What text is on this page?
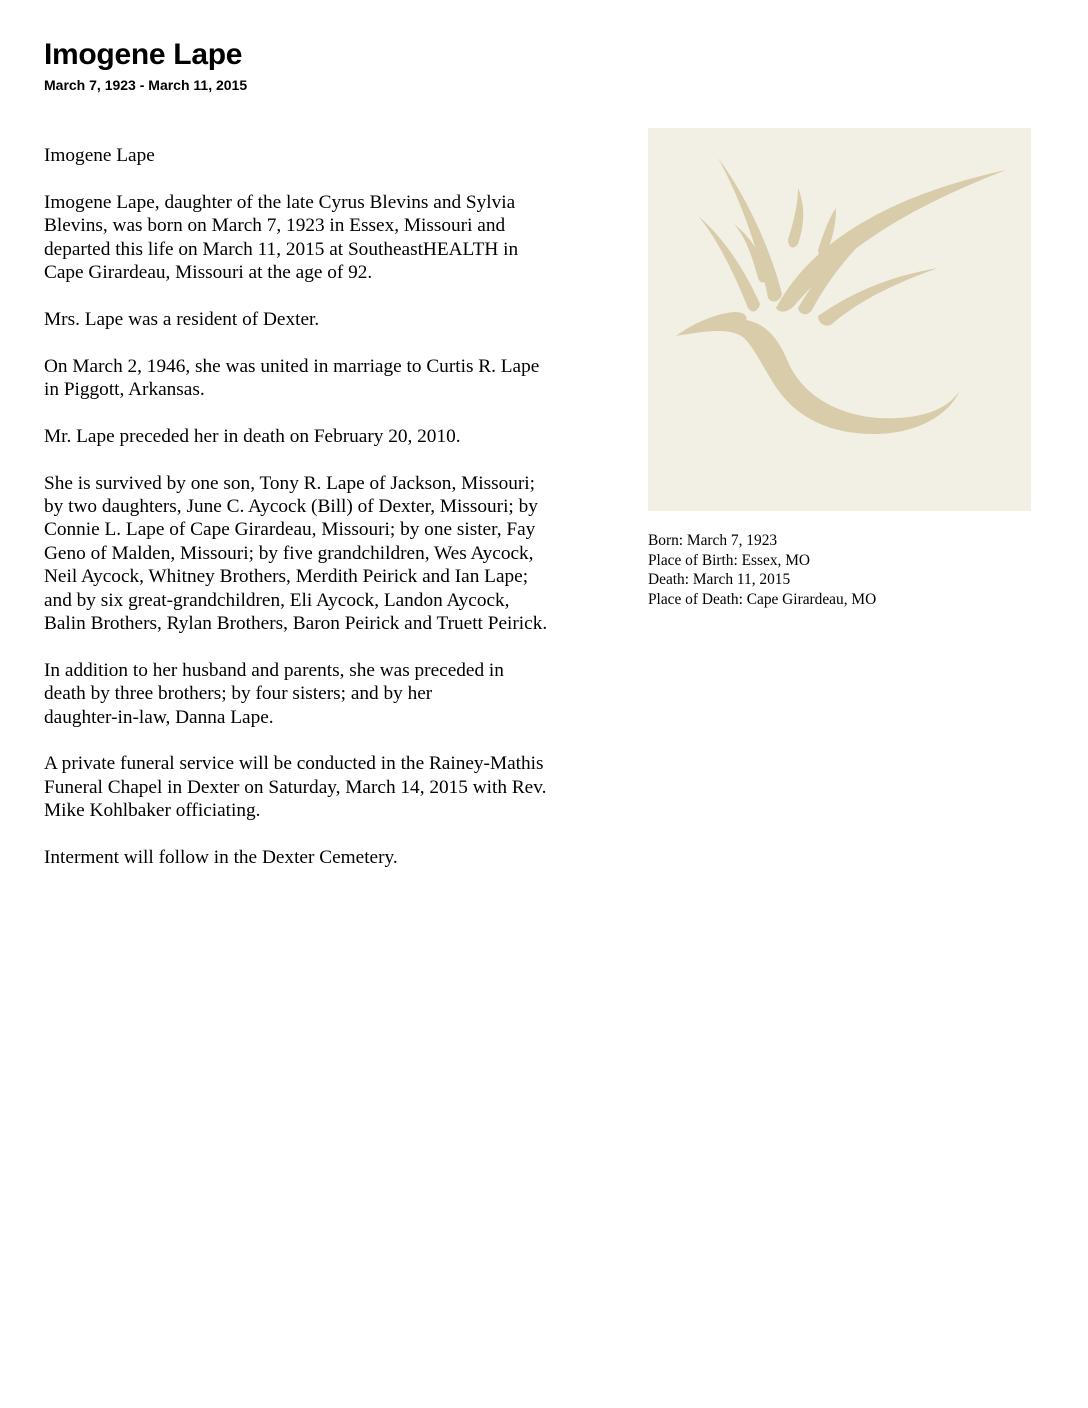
Imogene Lape
March 7, 1923 - March 11, 2015

Imogene Lape

Imogene Lape, daughter of the late Cyrus Blevins and Sylvia
Blevins, was born on March 7, 1923 in Essex, Missouri and
departed this life on March 11, 2015 at SoutheastHEALTH in
Cape Girardeau, Missouri at the age of 92.

Mrs. Lape was a resident of Dexter.

On March 2, 1946, she was united in marriage to Curtis R. Lape
in Piggott, Arkansas.

Mr. Lape preceded her in death on February 20, 2010.

She is survived by one son, Tony R. Lape of Jackson, Missouri;
by two daughters, June C. Aycock (Bill) of Dexter, Missouri; by
Connie L. Lape of Cape Girardeau, Missouri; by one sister, Fay
Geno of Malden, Missouri; by five grandchildren, Wes Aycock,
Neil Aycock, Whitney Brothers, Merdith Peirick and Ian Lape;
and by six great-grandchildren, Eli Aycock, Landon Aycock,
Balin Brothers, Rylan Brothers, Baron Peirick and Truett Peirick.

In addition to her husband and parents, she was preceded in
death by three brothers; by four sisters; and by her
daughter-in-law, Danna Lape.

A private funeral service will be conducted in the Rainey-Mathis
Funeral Chapel in Dexter on Saturday, March 14, 2015 with Rev.
Mike Kohlbaker officiating.

Interment will follow in the Dexter Cemetery.

Born: March 7, 1923
Place of Birth: Essex, MO
Death: March 11, 2015
Place of Death: Cape Girardeau, MO
